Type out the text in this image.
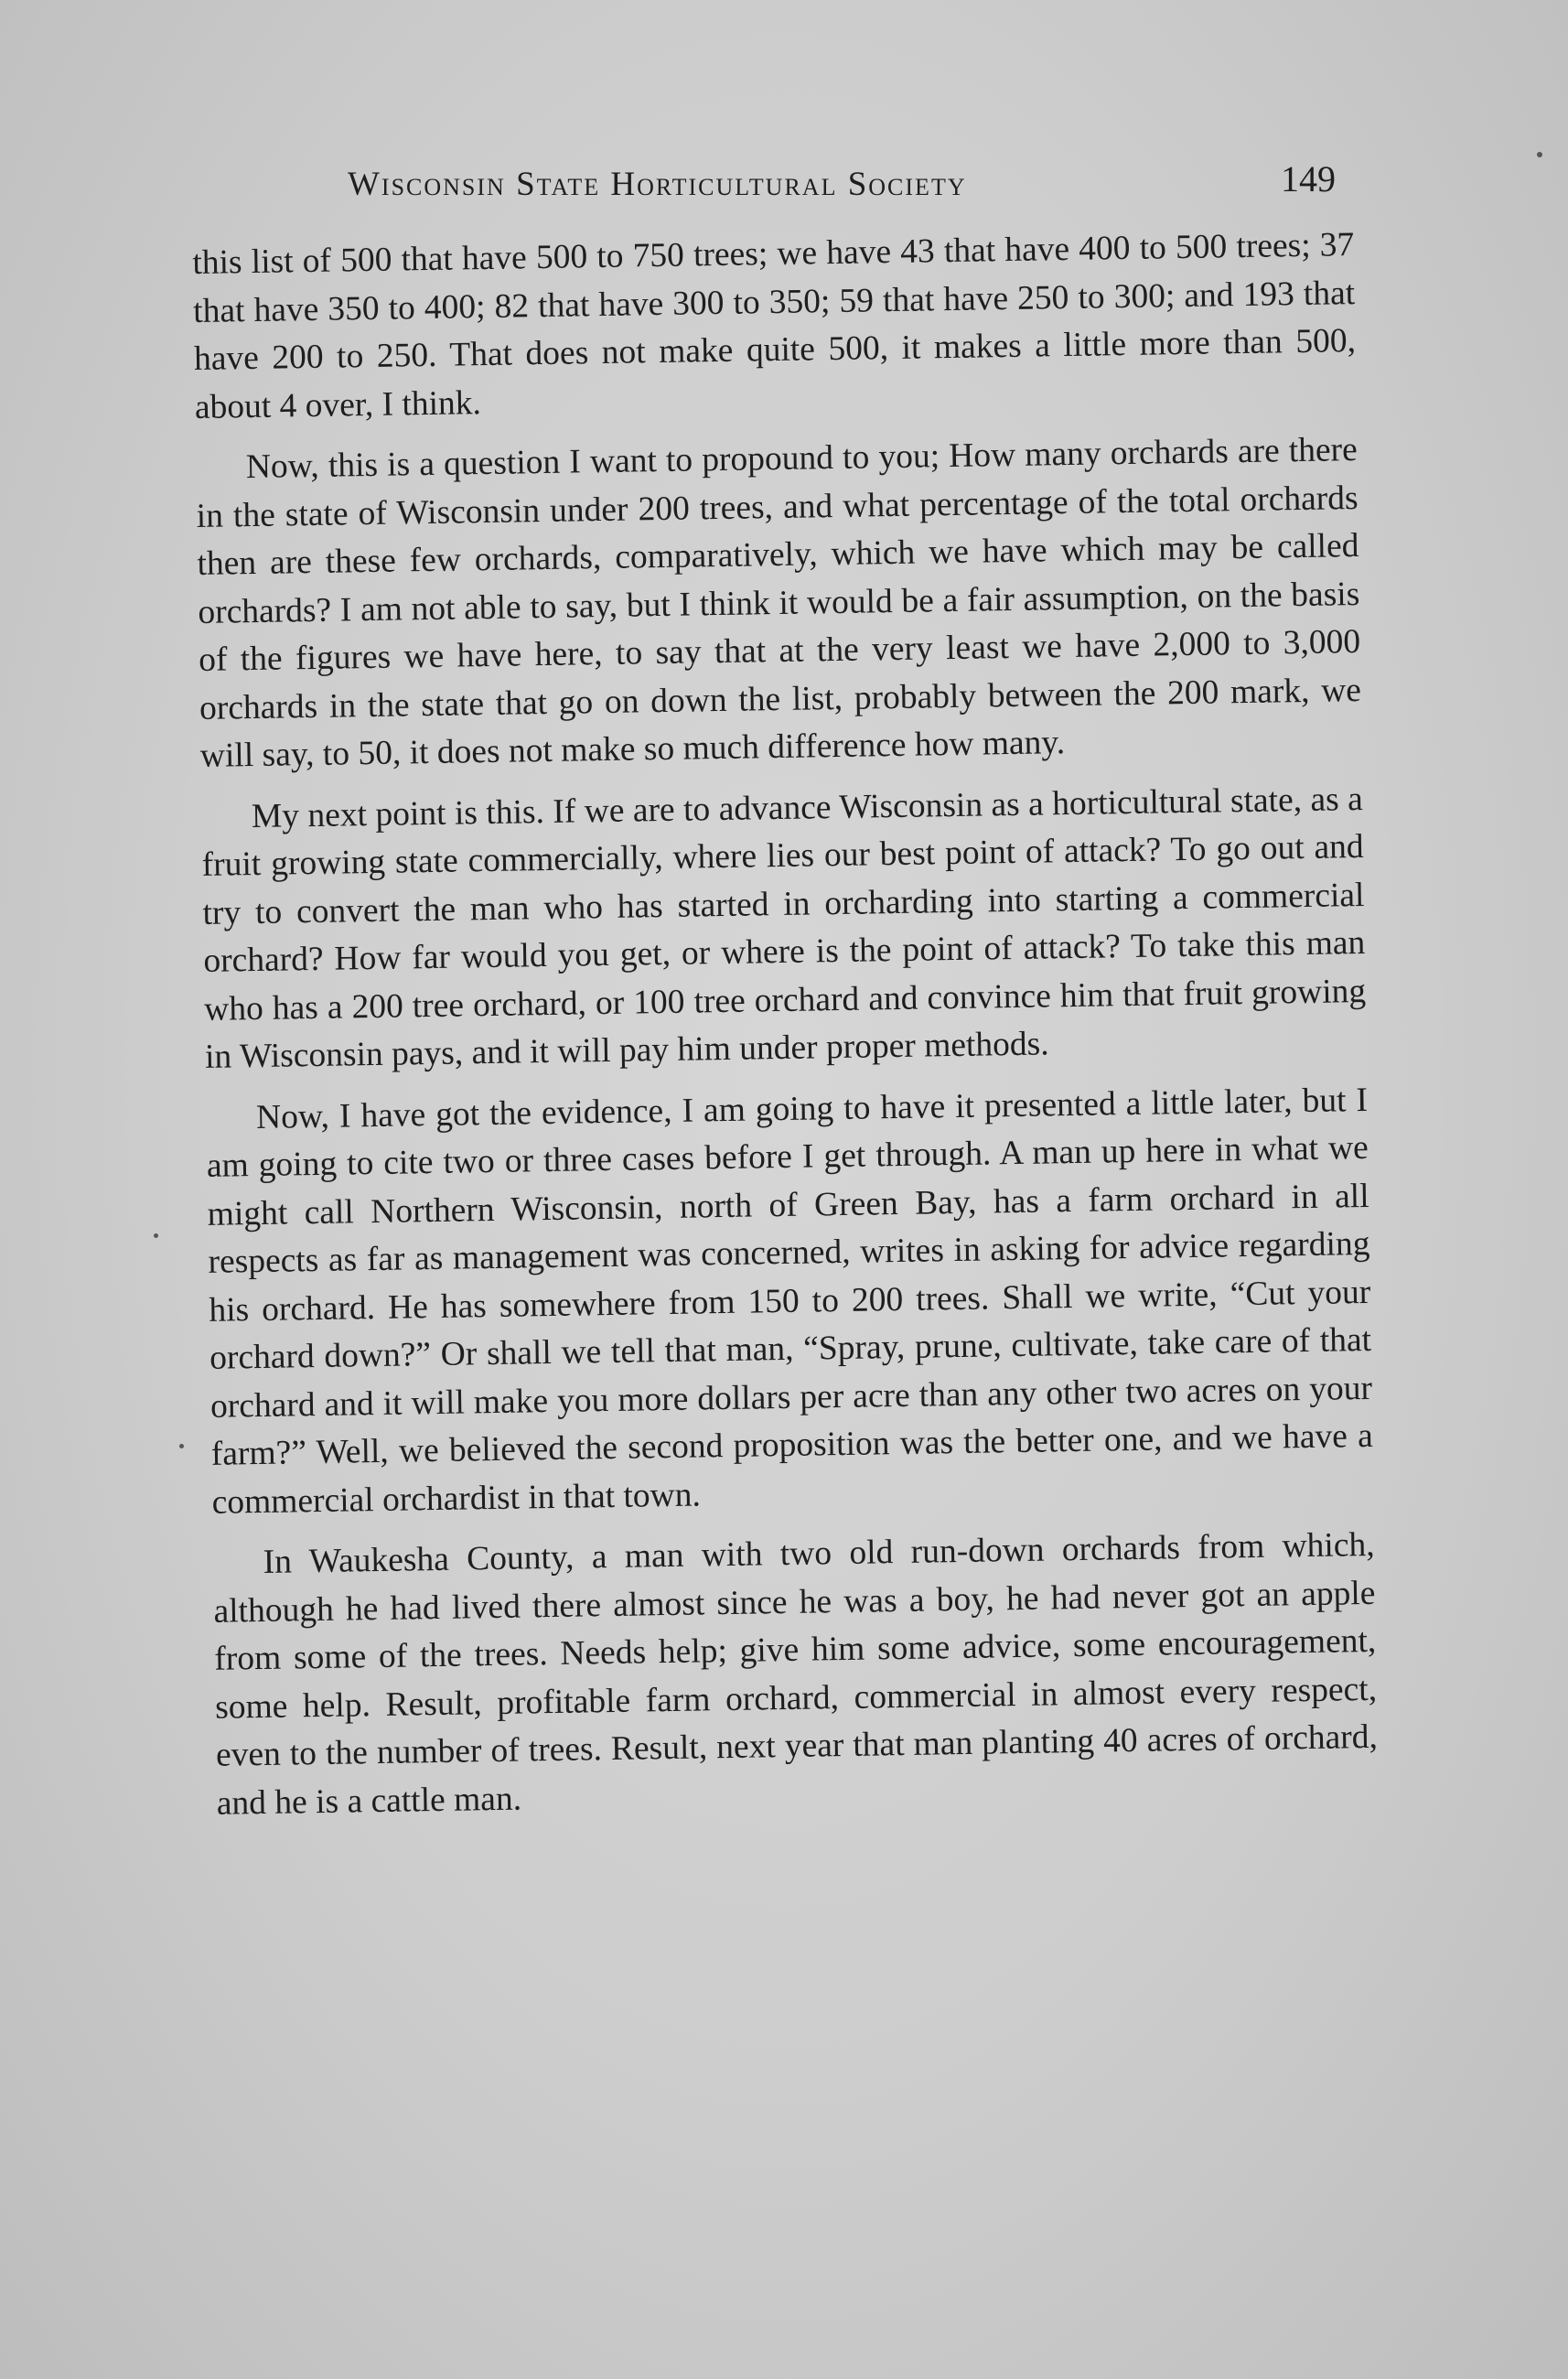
Wisconsin State Horticultural Society	149

this list of 500 that have 500 to 750 trees; we have 43 that have 400 to 500 trees; 37 that have 350 to 400; 82 that have 300 to 350; 59 that have 250 to 300; and 193 that have 200 to 250. That does not make quite 500, it makes a little more than 500, about 4 over, I think.

Now, this is a question I want to propound to you; How many orchards are there in the state of Wisconsin under 200 trees, and what percentage of the total orchards then are these few orchards, comparatively, which we have which may be called orchards? I am not able to say, but I think it would be a fair assumption, on the basis of the figures we have here, to say that at the very least we have 2,000 to 3,000 orchards in the state that go on down the list, probably between the 200 mark, we will say, to 50, it does not make so much difference how many.

My next point is this. If we are to advance Wisconsin as a horticultural state, as a fruit growing state commercially, where lies our best point of attack? To go out and try to convert the man who has started in orcharding into starting a commercial orchard? How far would you get, or where is the point of attack? To take this man who has a 200 tree orchard, or 100 tree orchard and convince him that fruit growing in Wisconsin pays, and it will pay him under proper methods.

Now, I have got the evidence, I am going to have it presented a little later, but I am going to cite two or three cases before I get through. A man up here in what we might call Northern Wisconsin, north of Green Bay, has a farm orchard in all respects as far as management was concerned, writes in asking for advice regarding his orchard. He has somewhere from 150 to 200 trees. Shall we write, “Cut your orchard down?” Or shall we tell that man, “Spray, prune, cultivate, take care of that orchard and it will make you more dollars per acre than any other two acres on your farm?” Well, we believed the second proposition was the better one, and we have a commercial orchardist in that town.

In Waukesha County, a man with two old run-down orchards from which, although he had lived there almost since he was a boy, he had never got an apple from some of the trees. Needs help; give him some advice, some encouragement, some help. Result, profitable farm orchard, commercial in almost every respect, even to the number of trees. Result, next year that man planting 40 acres of orchard, and he is a cattle man.
